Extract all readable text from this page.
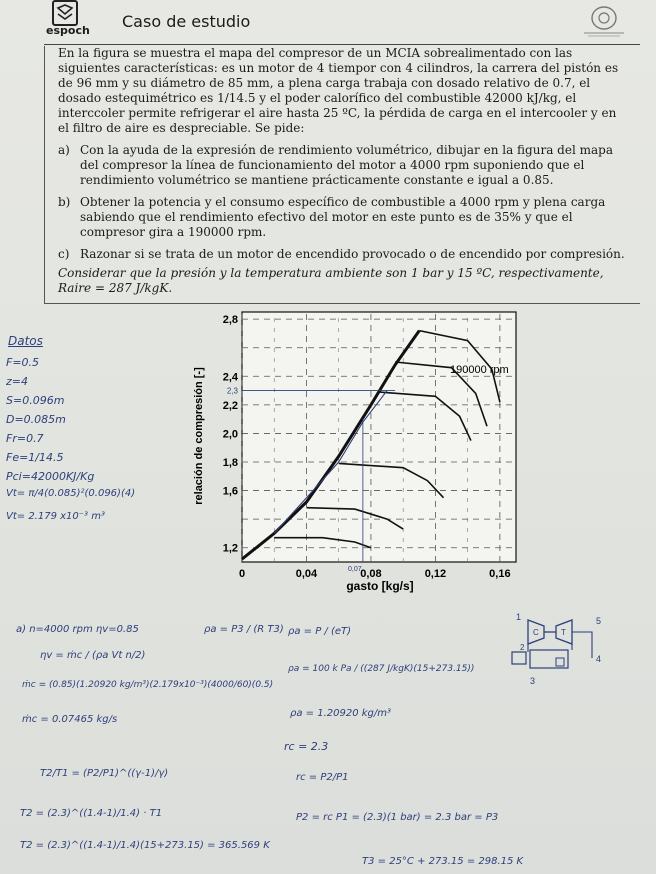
espoch Caso de estudio

En la figura se muestra el mapa del compresor de un MCIA sobrealimentado con las siguientes características: es un motor de 4 tiempor con 4 cilindros, la carrera del pistón es de 96 mm y su diámetro de 85 mm, a plena carga trabaja con dosado relativo de 0.7, el dosado estequimétrico es 1/14.5 y el poder calorífico del combustible 42000 kJ/kg, el interccoler permite refrigerar el aire hasta 25 ºC, la pérdida de carga en el intercooler y en el filtro de aire es despreciable. Se pide:

a) Con la ayuda de la expresión de rendimiento volumétrico, dibujar en la figura del mapa del compresor la línea de funcionamiento del motor a 4000 rpm suponiendo que el rendimiento volumétrico se mantiene prácticamente constante e igual a 0.85.
b) Obtener la potencia y el consumo específico de combustible a 4000 rpm y plena carga sabiendo que el rendimiento efectivo del motor en este punto es de 35% y que el compresor gira a 190000 rpm.
c) Razonar si se trata de un motor de encendido provocado o de encendido por compresión.
Considerar que la presión y la temperatura ambiente son 1 bar y 15 ºC, respectivamente, Raire = 287 J/kgK.
0	0,04	0,08	0,12	0,16
1,2
1,6
1,8
2,0
2,2
2,4
2,8
2,3
0,07
190000 rpm
gasto [kg/s]
relación de compresión [-]
Datos
F=0.5
z=4
S=0.096m
D=0.085m
Fr=0.7
Fe=1/14.5
Pci=42000KJ/Kg
Vt= π/4(0.085)²(0.096)(4)
Vt= 2.179 x10⁻³ m³
a) n=4000 rpm ηv=0.85
ηv = ṁc / (ρa Vt n/2)
ṁc = (0.85)(1.20920 kg/m³)(2.179x10⁻³)(4000/60)(0.5)
ṁc = 0.07465 kg/s
T2/T1 = (P2/P1)^((γ-1)/γ)
T2 = (2.3)^((1.4-1)/1.4) · T1
T2 = (2.3)^((1.4-1)/1.4)(15+273.15) = 365.569 K
ρa = P3 / (R T3) ρa = P / (eT)
ρa = 100 k Pa / ((287 J/kgK)(15+273.15))
ρa = 1.20920 kg/m³
rc = 2.3
rc = P2/P1
P2 = rc P1 = (2.3)(1 bar) = 2.3 bar = P3
T3 = 25°C + 273.15 = 298.15 K
C	T
1	5
2
4
3
